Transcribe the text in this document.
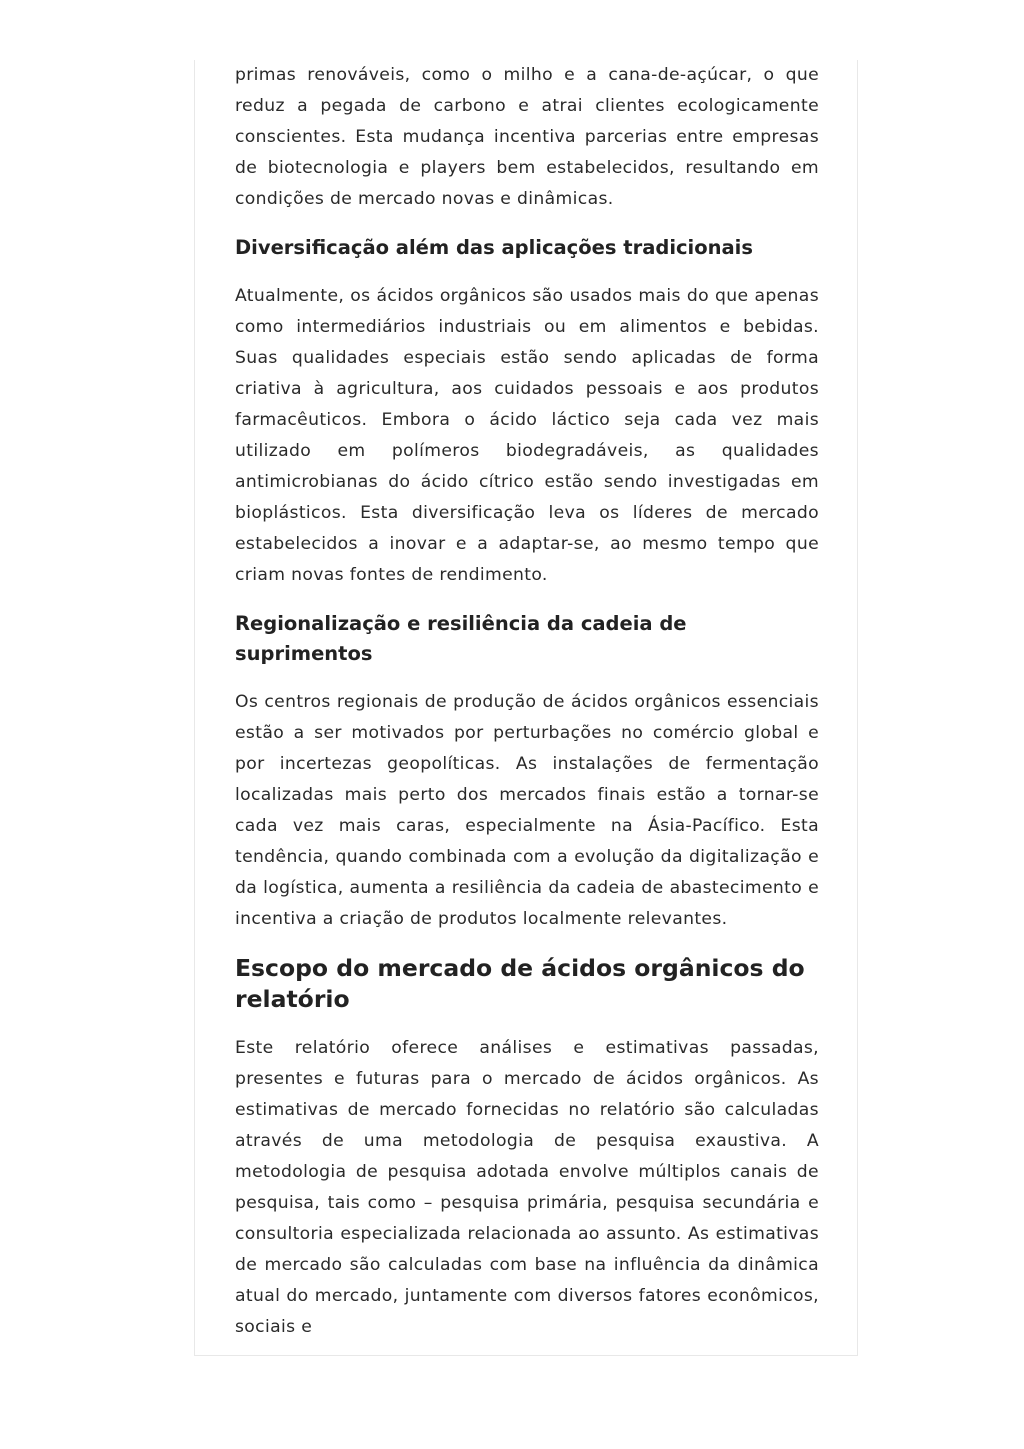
primas renováveis, como o milho e a cana-de-açúcar, o que reduz a pegada de carbono e atrai clientes ecologicamente conscientes. Esta mudança incentiva parcerias entre empresas de biotecnologia e players bem estabelecidos, resultando em condições de mercado novas e dinâmicas.

Diversificação além das aplicações tradicionais

Atualmente, os ácidos orgânicos são usados mais do que apenas como intermediários industriais ou em alimentos e bebidas. Suas qualidades especiais estão sendo aplicadas de forma criativa à agricultura, aos cuidados pessoais e aos produtos farmacêuticos. Embora o ácido láctico seja cada vez mais utilizado em polímeros biodegradáveis, as qualidades antimicrobianas do ácido cítrico estão sendo investigadas em bioplásticos. Esta diversificação leva os líderes de mercado estabelecidos a inovar e a adaptar-se, ao mesmo tempo que criam novas fontes de rendimento.

Regionalização e resiliência da cadeia de suprimentos

Os centros regionais de produção de ácidos orgânicos essenciais estão a ser motivados por perturbações no comércio global e por incertezas geopolíticas. As instalações de fermentação localizadas mais perto dos mercados finais estão a tornar-se cada vez mais caras, especialmente na Ásia-Pacífico. Esta tendência, quando combinada com a evolução da digitalização e da logística, aumenta a resiliência da cadeia de abastecimento e incentiva a criação de produtos localmente relevantes.

Escopo do mercado de ácidos orgânicos do relatório

Este relatório oferece análises e estimativas passadas, presentes e futuras para o mercado de ácidos orgânicos. As estimativas de mercado fornecidas no relatório são calculadas através de uma metodologia de pesquisa exaustiva. A metodologia de pesquisa adotada envolve múltiplos canais de pesquisa, tais como – pesquisa primária, pesquisa secundária e consultoria especializada relacionada ao assunto. As estimativas de mercado são calculadas com base na influência da dinâmica atual do mercado, juntamente com diversos fatores econômicos, sociais e
